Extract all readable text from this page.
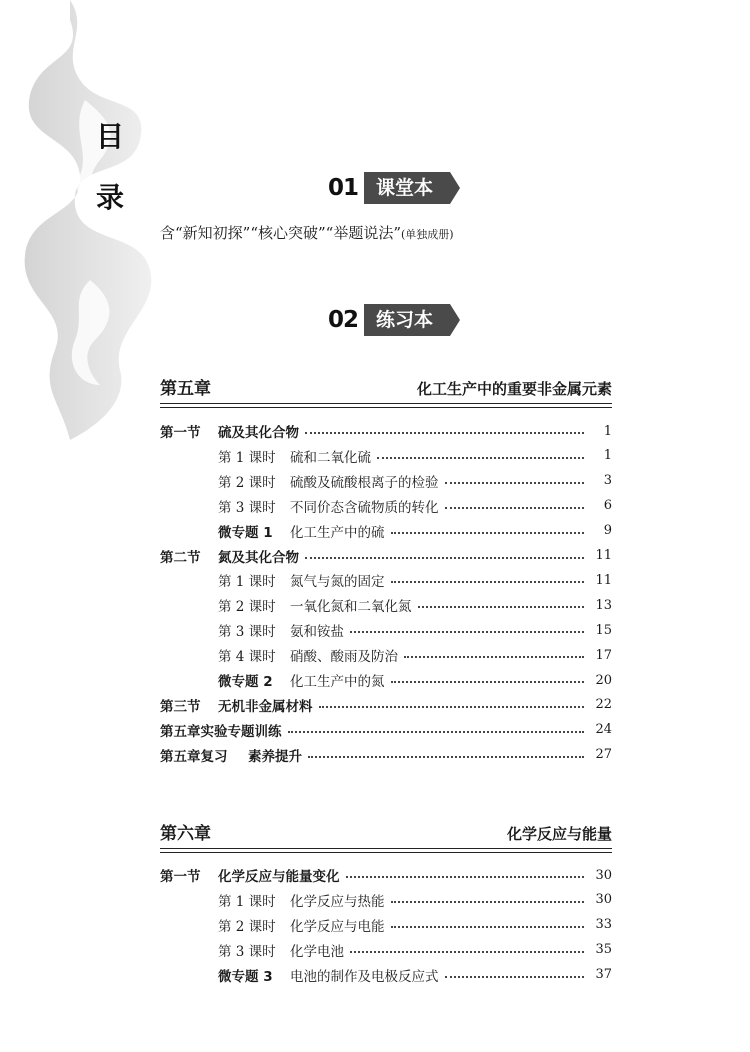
目
录	01 课堂本
含“新知初探”“核心突破”“举题说法”(单独成册)
02 练习本
第五章	化工生产中的重要非金属元素
第一节	硫及其化合物	1
第 1 课时	硫和二氧化硫	1
第 2 课时	硫酸及硫酸根离子的检验	3
第 3 课时	不同价态含硫物质的转化	6
微专题 1	化工生产中的硫	9
第二节	氮及其化合物	11
第 1 课时	氮气与氮的固定	11
第 2 课时	一氧化氮和二氧化氮	13
第 3 课时	氨和铵盐	15
第 4 课时	硝酸、酸雨及防治	17
微专题 2	化工生产中的氮	20
第三节	无机非金属材料	22
第五章实验专题训练	24
第五章复习	素养提升	27
第六章	化学反应与能量
第一节	化学反应与能量变化	30
第 1 课时	化学反应与热能	30
第 2 课时	化学反应与电能	33
第 3 课时	化学电池	35
微专题 3	电池的制作及电极反应式	37
